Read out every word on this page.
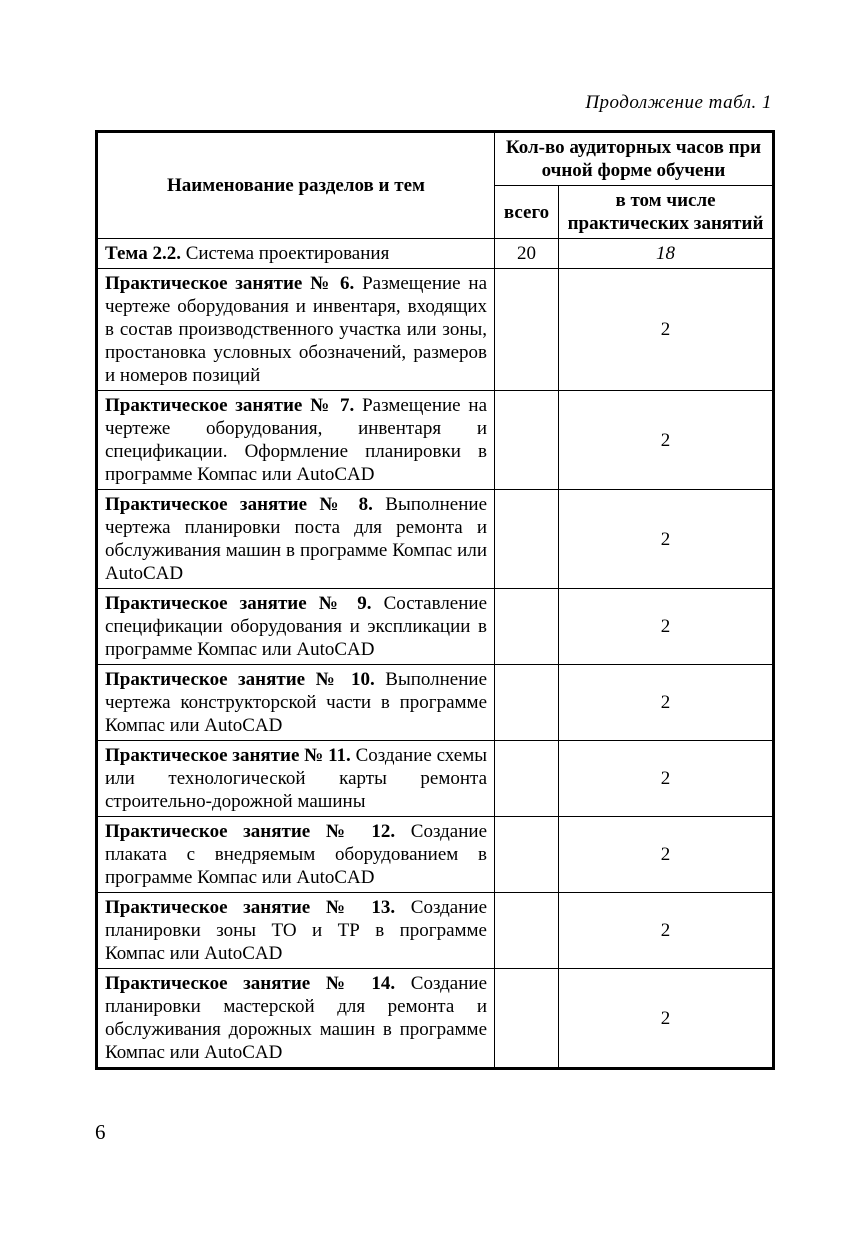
Продолжение табл. 1
Наименование разделов и тем	Кол-во аудиторных часов при очной форме обучени	
	всего	в том числе практических занятий
Тема 2.2. Система проектирования	20	18
Практическое занятие № 6. Размещение на чертеже оборудования и инвентаря, входящих в состав производственного участка или зоны, простановка условных обозначений, размеров и номеров позиций		2
Практическое занятие № 7. Размещение на чертеже оборудования, инвентаря и спецификации. Оформление планировки в программе Компас или AutoCAD		2
Практическое занятие № 8. Выполнение чертежа планировки поста для ремонта и обслуживания машин в программе Компас или AutoCAD		2
Практическое занятие № 9. Составление спецификации оборудования и экспликации в программе Компас или AutoCAD		2
Практическое занятие № 10. Выполнение чертежа конструкторской части в программе Компас или AutoCAD		2
Практическое занятие № 11. Создание схемы или технологической карты ремонта строительно-дорожной машины		2
Практическое занятие № 12. Создание плаката с внедряемым оборудованием в программе Компас или AutoCAD		2
Практическое занятие № 13. Создание планировки зоны ТО и ТР в программе Компас или AutoCAD		2
Практическое занятие № 14. Создание планировки мастерской для ремонта и обслуживания дорожных машин в программе Компас или AutoCAD		2
6
